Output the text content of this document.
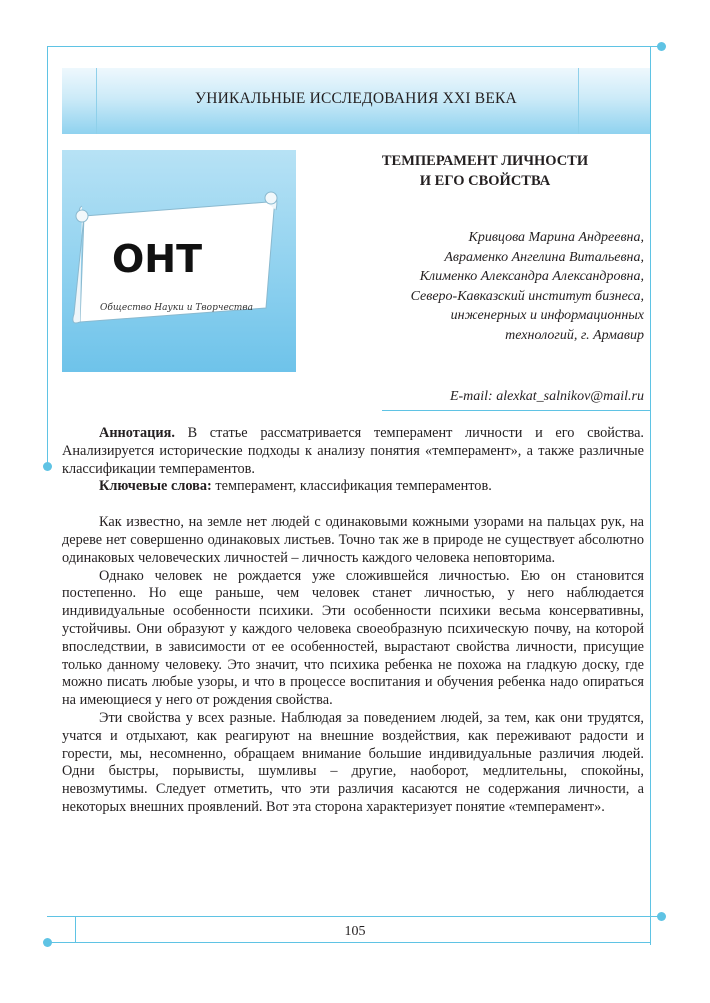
УНИКАЛЬНЫЕ ИССЛЕДОВАНИЯ XXI ВЕКА
ОНТ
Общество Науки и Творчества
ТЕМПЕРАМЕНТ ЛИЧНОСТИ
И ЕГО СВОЙСТВА
Кривцова Марина Андреевна,
Авраменко Ангелина Витальевна,
Клименко Александра Александровна,
Северо-Кавказский институт бизнеса,
инженерных и информационных
технологий, г. Армавир
E-mail: alexkat_salnikov@mail.ru

Аннотация. В статье рассматривается темперамент личности и его свойства. Анализируется исторические подходы к анализу понятия «темперамент», а также различные классификации темпераментов.

Ключевые слова: темперамент, классификация темпераментов.

Как известно, на земле нет людей с одинаковыми кожными узорами на пальцах рук, на дереве нет совершенно одинаковых листьев. Точно так же в природе не существует абсолютно одинаковых человеческих личностей – личность каждого человека неповторима.

Однако человек не рождается уже сложившейся личностью. Ею он становится постепенно. Но еще раньше, чем человек станет личностью, у него наблюдается индивидуальные особенности психики. Эти особенности психики весьма консервативны, устойчивы. Они образуют у каждого человека своеобразную психическую почву, на которой впоследствии, в зависимости от ее особенностей, вырастают свойства личности, присущие только данному человеку. Это значит, что психика ребенка не похожа на гладкую доску, где можно писать любые узоры, и что в процессе воспитания и обучения ребенка надо опираться на имеющиеся у него от рождения свойства.

Эти свойства у всех разные. Наблюдая за поведением людей, за тем, как они трудятся, учатся и отдыхают, как реагируют на внешние воздействия, как переживают радости и горести, мы, несомненно, обращаем внимание большие индивидуальные различия людей. Одни быстры, порывисты, шумливы – другие, наоборот, медлительны, спокойны, невозмутимы. Следует отметить, что эти различия касаются не содержания личности, а некоторых внешних проявлений. Вот эта сторона характеризует понятие «темперамент».

105
